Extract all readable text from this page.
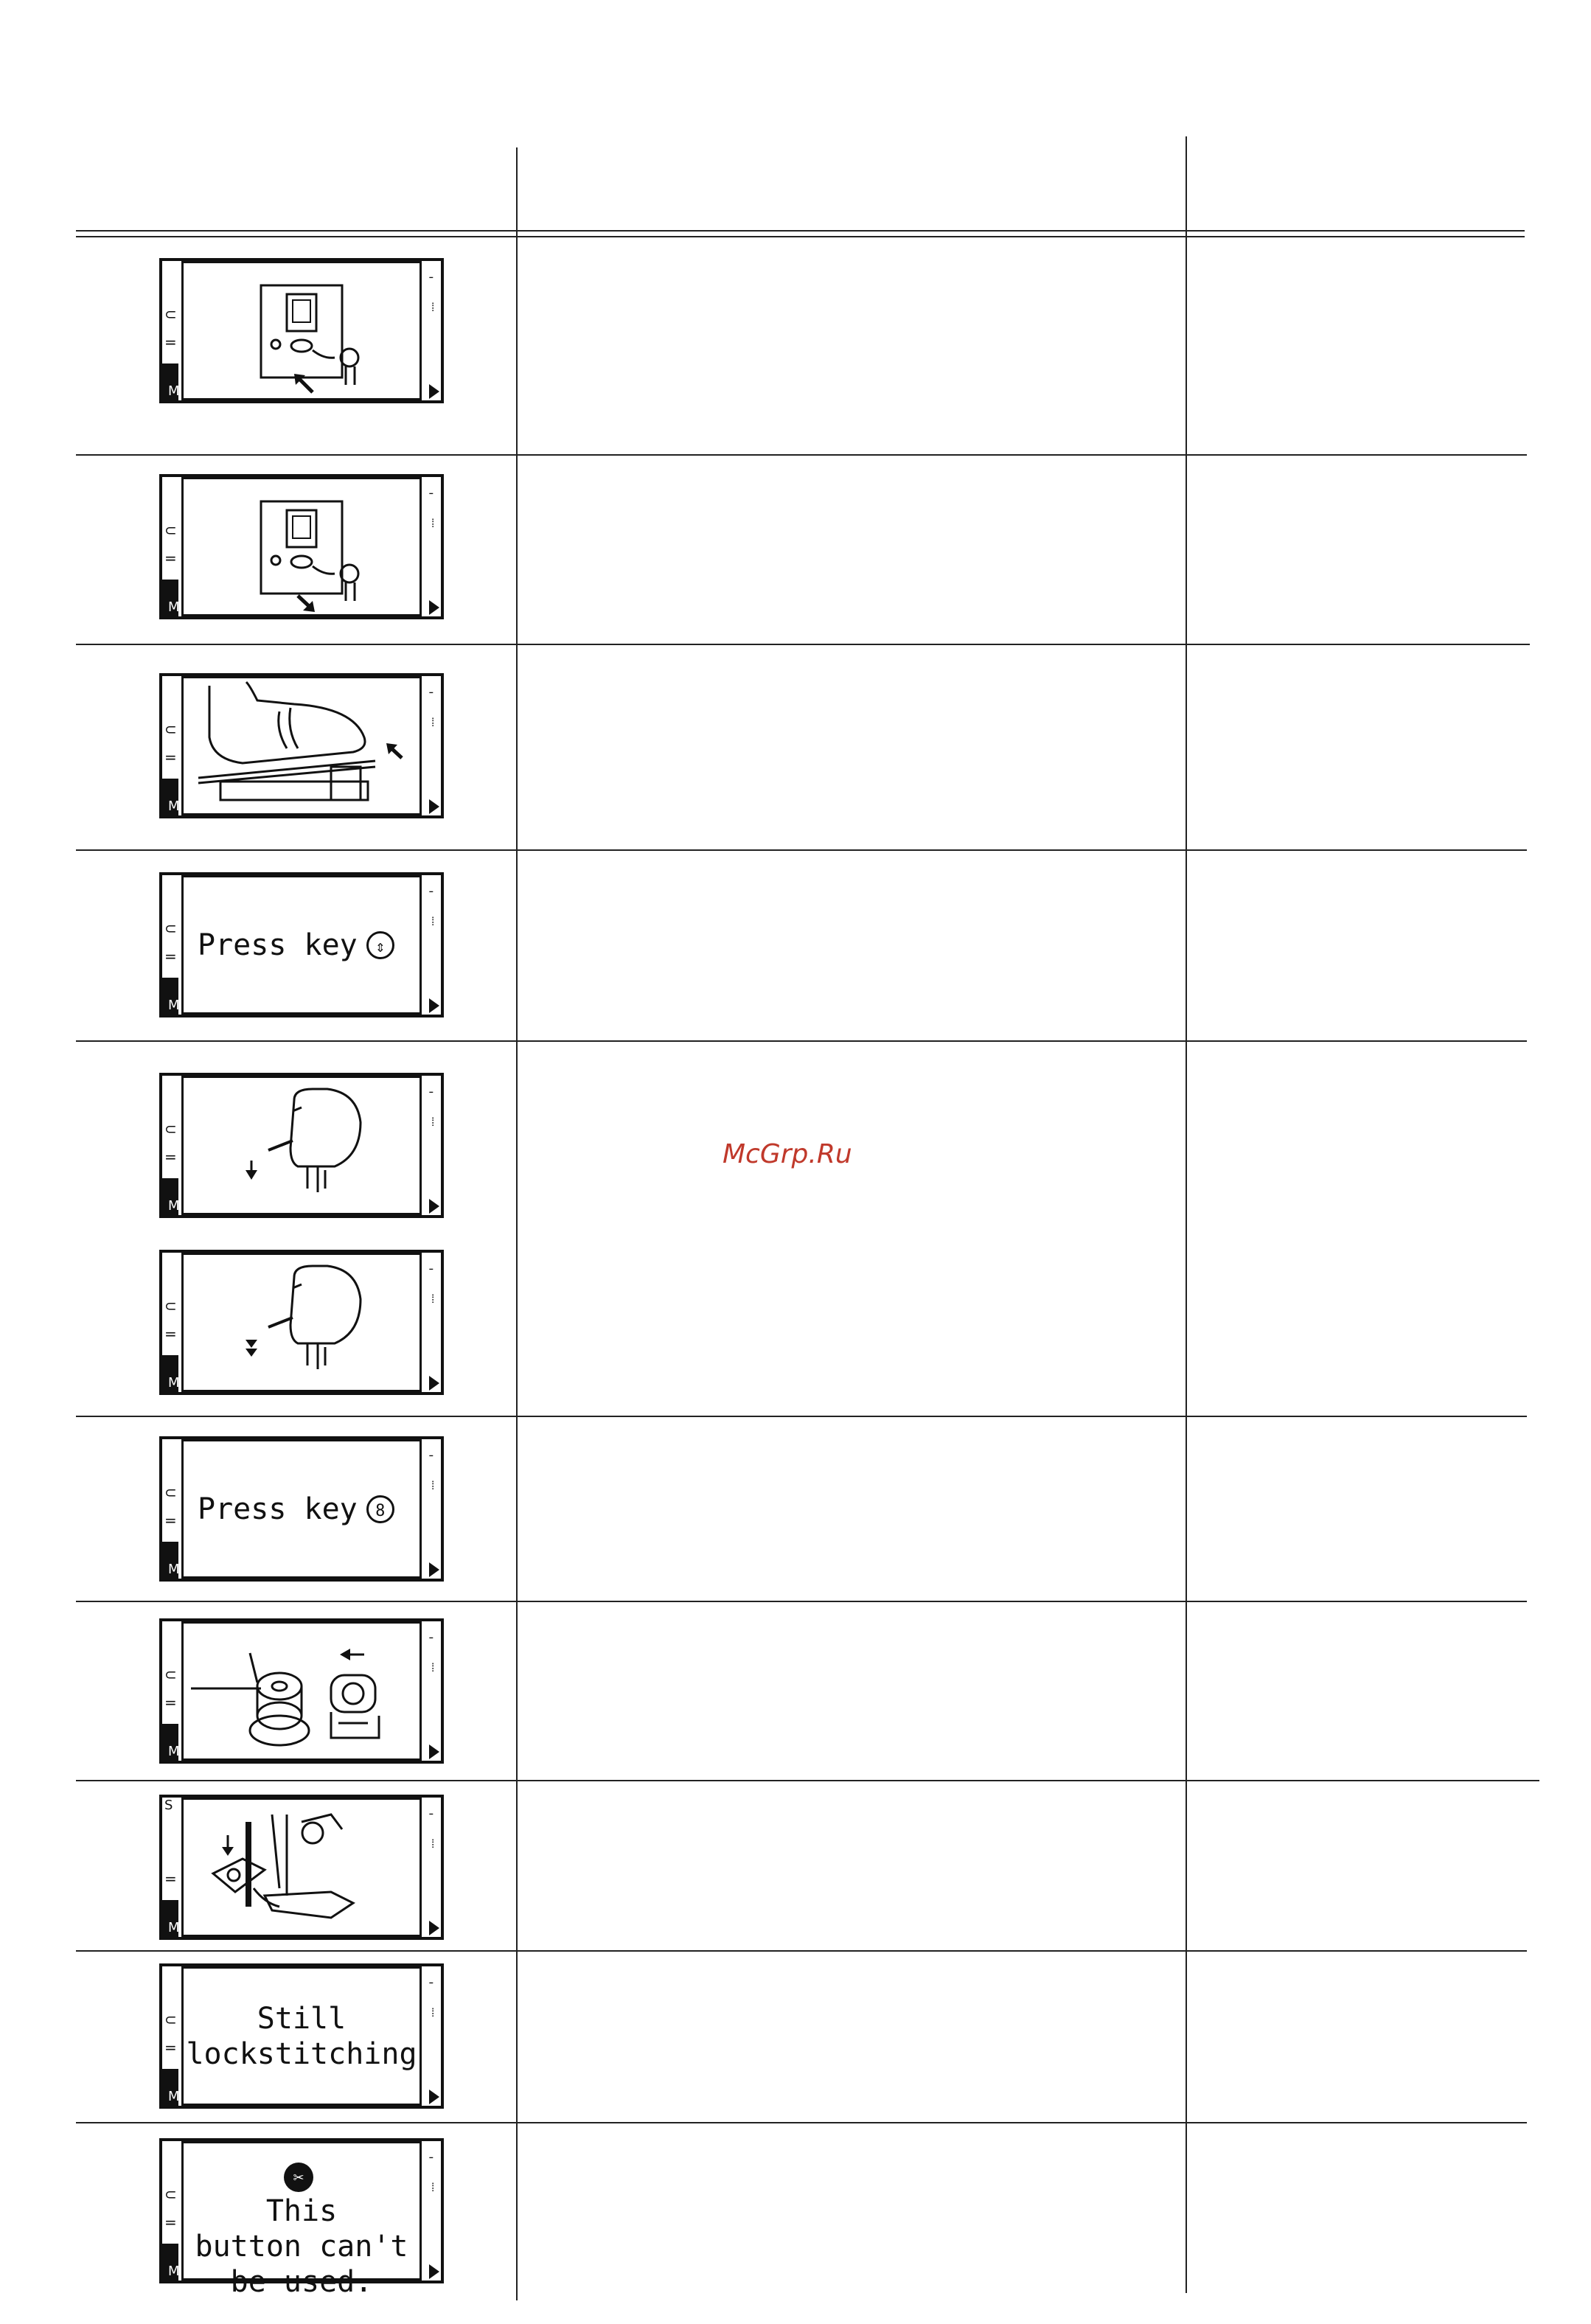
⊂
=
╴
⁞
M
⊂
=
╴
⁞
M
⊂
=
╴
⁞
M
⊂
=
╴
⁞
M
Press key	⇕
⊂
=
╴
⁞
M
⊂
=
╴
⁞
M
⊂
=
╴
⁞
M
Press key	8
⊂
=
╴
⁞
M
S
=
╴
⁞
M
⊂
=
╴
⁞
M
Still
lockstitching
⊂
=
╴
⁞
M

✂
This
button can't
be used.

McGrp.Ru
